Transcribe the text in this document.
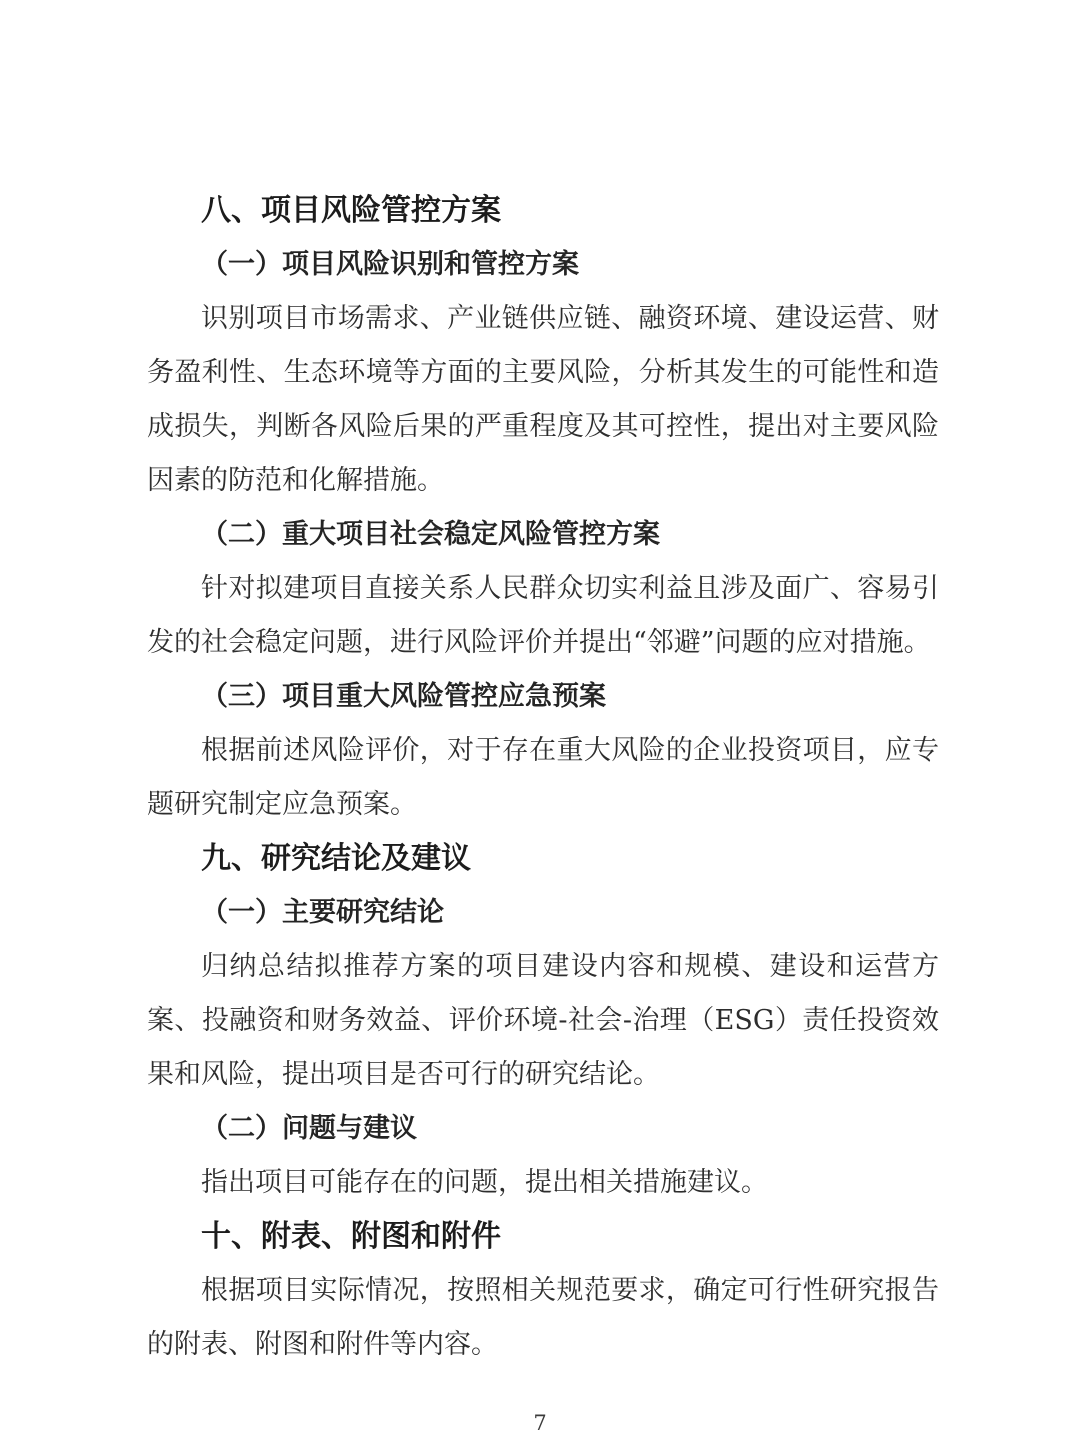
八、项目风险管控方案
（一）项目风险识别和管控方案

识别项目市场需求、产业链供应链、融资环境、建设运营、财务盈利性、生态环境等方面的主要风险，分析其发生的可能性和造成损失，判断各风险后果的严重程度及其可控性，提出对主要风险因素的防范和化解措施。

（二）重大项目社会稳定风险管控方案

针对拟建项目直接关系人民群众切实利益且涉及面广、容易引发的社会稳定问题，进行风险评价并提出“邻避”问题的应对措施。

（三）项目重大风险管控应急预案

根据前述风险评价，对于存在重大风险的企业投资项目，应专题研究制定应急预案。

九、研究结论及建议
（一）主要研究结论

归纳总结拟推荐方案的项目建设内容和规模、建设和运营方案、投融资和财务效益、评价环境-社会-治理（ESG）责任投资效果和风险，提出项目是否可行的研究结论。

（二）问题与建议

指出项目可能存在的问题，提出相关措施建议。

十、附表、附图和附件

根据项目实际情况，按照相关规范要求，确定可行性研究报告的附表、附图和附件等内容。

7
